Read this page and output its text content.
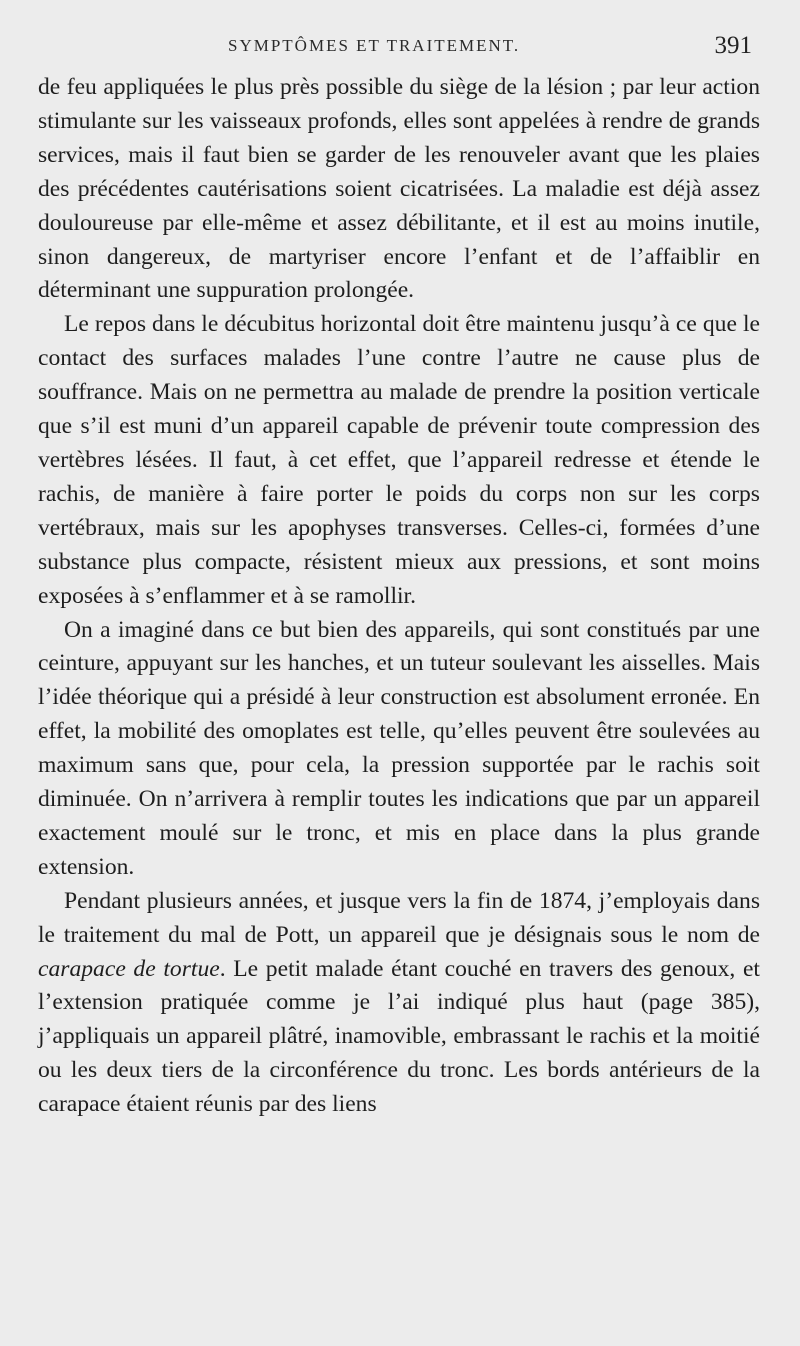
SYMPTÔMES ET TRAITEMENT.	391

de feu appliquées le plus près possible du siège de la lésion ; par leur action stimulante sur les vaisseaux profonds, elles sont appelées à rendre de grands services, mais il faut bien se garder de les renouveler avant que les plaies des précédentes cautérisations soient cicatrisées. La maladie est déjà assez douloureuse par elle-même et assez débilitante, et il est au moins inutile, sinon dangereux, de martyriser encore l’enfant et de l’affaiblir en déterminant une suppuration prolongée.

Le repos dans le décubitus horizontal doit être maintenu jusqu’à ce que le contact des surfaces malades l’une contre l’autre ne cause plus de souffrance. Mais on ne permettra au malade de prendre la position verticale que s’il est muni d’un appareil capable de prévenir toute compression des vertèbres lésées. Il faut, à cet effet, que l’appareil redresse et étende le rachis, de manière à faire porter le poids du corps non sur les corps vertébraux, mais sur les apophyses transverses. Celles-ci, formées d’une substance plus compacte, résistent mieux aux pressions, et sont moins exposées à s’enflammer et à se ramollir.

On a imaginé dans ce but bien des appareils, qui sont constitués par une ceinture, appuyant sur les hanches, et un tuteur soulevant les aisselles. Mais l’idée théorique qui a présidé à leur construction est absolument erronée. En effet, la mobilité des omoplates est telle, qu’elles peuvent être soulevées au maximum sans que, pour cela, la pression supportée par le rachis soit diminuée. On n’arrivera à remplir toutes les indications que par un appareil exactement moulé sur le tronc, et mis en place dans la plus grande extension.

Pendant plusieurs années, et jusque vers la fin de 1874, j’employais dans le traitement du mal de Pott, un appareil que je désignais sous le nom de carapace de tortue. Le petit malade étant couché en travers des genoux, et l’extension pratiquée comme je l’ai indiqué plus haut (page 385), j’appliquais un appareil plâtré, inamovible, embrassant le rachis et la moitié ou les deux tiers de la circonférence du tronc. Les bords antérieurs de la carapace étaient réunis par des liens
